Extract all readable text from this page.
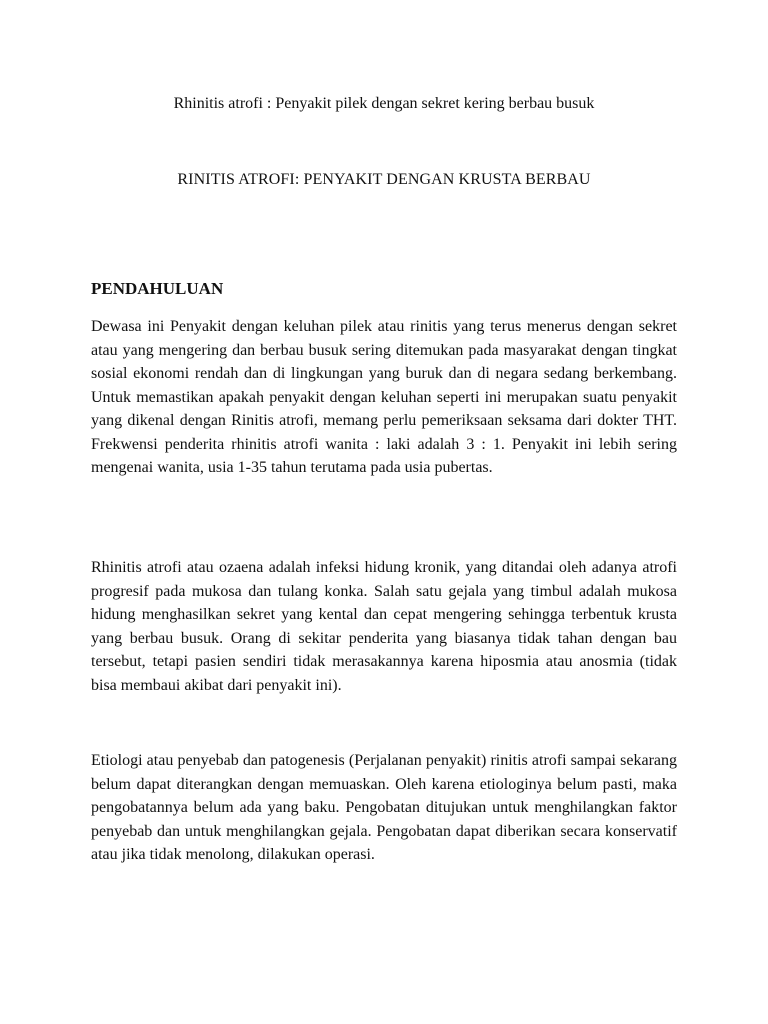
Rhinitis atrofi : Penyakit pilek dengan sekret kering berbau busuk

RINITIS ATROFI: PENYAKIT DENGAN KRUSTA BERBAU

PENDAHULUAN

Dewasa ini Penyakit dengan keluhan pilek atau rinitis yang terus menerus dengan sekret atau yang mengering dan berbau busuk sering ditemukan pada masyarakat dengan tingkat sosial ekonomi rendah dan di lingkungan yang buruk dan di negara sedang berkembang. Untuk memastikan apakah penyakit dengan keluhan seperti ini merupakan suatu penyakit yang dikenal dengan Rinitis atrofi, memang perlu pemeriksaan seksama dari dokter THT. Frekwensi penderita rhinitis atrofi wanita : laki adalah 3 : 1. Penyakit ini lebih sering mengenai wanita, usia 1-35 tahun terutama pada usia pubertas.

Rhinitis atrofi atau ozaena adalah infeksi hidung kronik, yang ditandai oleh adanya atrofi progresif pada mukosa dan tulang konka. Salah satu gejala yang timbul adalah mukosa hidung menghasilkan sekret yang kental dan cepat mengering sehingga terbentuk krusta yang berbau busuk. Orang di sekitar penderita yang biasanya tidak tahan dengan bau tersebut, tetapi pasien sendiri tidak merasakannya karena hiposmia atau anosmia (tidak bisa membaui akibat dari penyakit ini).

Etiologi atau penyebab dan patogenesis (Perjalanan penyakit) rinitis atrofi sampai sekarang belum dapat diterangkan dengan memuaskan. Oleh karena etiologinya belum pasti, maka pengobatannya belum ada yang baku. Pengobatan ditujukan untuk menghilangkan faktor penyebab dan untuk menghilangkan gejala. Pengobatan dapat diberikan secara konservatif atau jika tidak menolong, dilakukan operasi.
